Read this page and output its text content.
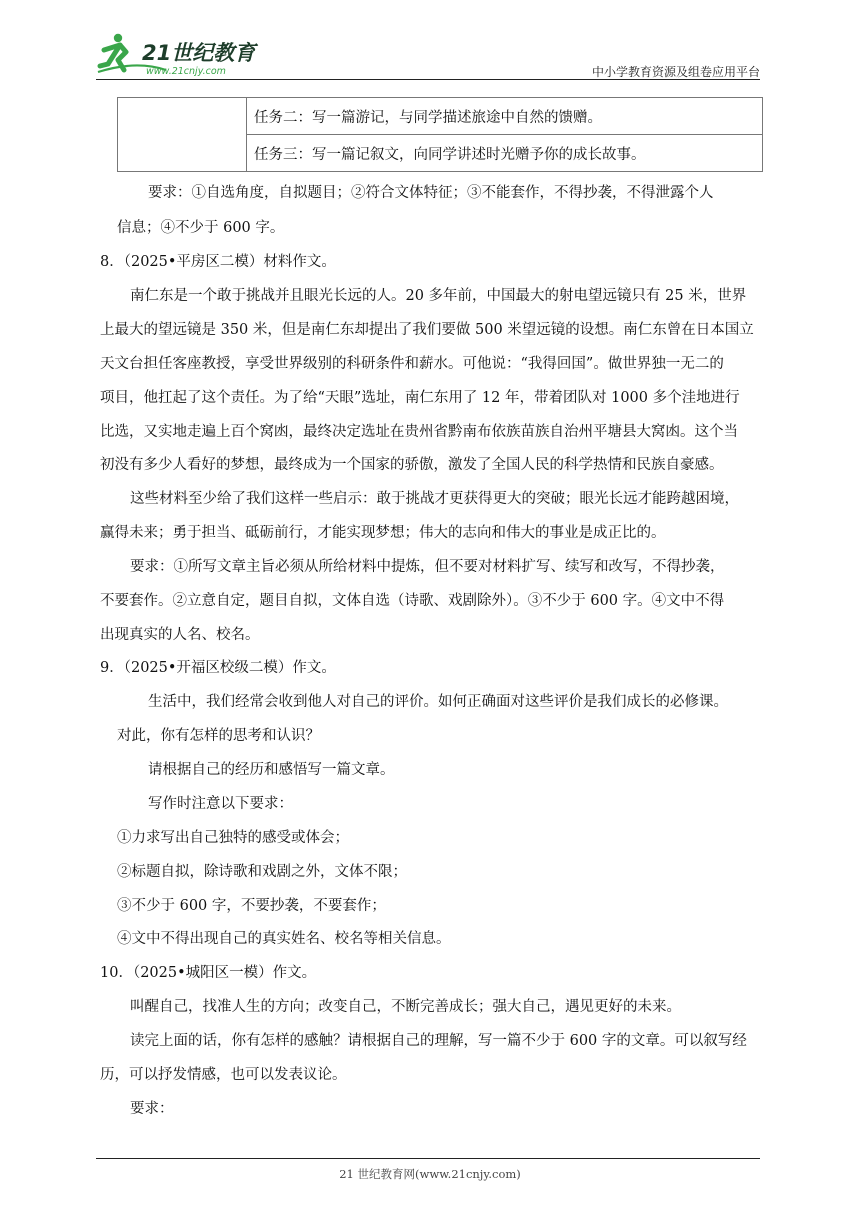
21世纪教育
www.21cnjy.com	中小学教育资源及组卷应用平台
	任务二：写一篇游记，与同学描述旅途中自然的馈赠。
任务三：写一篇记叙文，向同学讲述时光赠予你的成长故事。
要求：①自选角度，自拟题目；②符合文体特征；③不能套作，不得抄袭，不得泄露个人
信息；④不少于 600 字。
8．（2025•平房区二模）材料作文。
南仁东是一个敢于挑战并且眼光长远的人。20 多年前，中国最大的射电望远镜只有 25 米，世界
上最大的望远镜是 350 米，但是南仁东却提出了我们要做 500 米望远镜的设想。南仁东曾在日本国立
天文台担任客座教授，享受世界级别的科研条件和薪水。可他说：“我得回国”。做世界独一无二的
项目，他扛起了这个责任。为了给“天眼”选址，南仁东用了 12 年，带着团队对 1000 多个洼地进行
比选，又实地走遍上百个窝凼，最终决定选址在贵州省黔南布依族苗族自治州平塘县大窝凼。这个当
初没有多少人看好的梦想，最终成为一个国家的骄傲，激发了全国人民的科学热情和民族自豪感。
这些材料至少给了我们这样一些启示：敢于挑战才更获得更大的突破；眼光长远才能跨越困境，
赢得未来；勇于担当、砥砺前行，才能实现梦想；伟大的志向和伟大的事业是成正比的。
要求：①所写文章主旨必须从所给材料中提炼，但不要对材料扩写、续写和改写，不得抄袭，
不要套作。②立意自定，题目自拟，文体自选（诗歌、戏剧除外）。③不少于 600 字。④文中不得
出现真实的人名、校名。
9．（2025•开福区校级二模）作文。
生活中，我们经常会收到他人对自己的评价。如何正确面对这些评价是我们成长的必修课。
对此，你有怎样的思考和认识？
请根据自己的经历和感悟写一篇文章。
写作时注意以下要求：
①力求写出自己独特的感受或体会；
②标题自拟，除诗歌和戏剧之外，文体不限；
③不少于 600 字，不要抄袭，不要套作；
④文中不得出现自己的真实姓名、校名等相关信息。
10．（2025•城阳区一模）作文。
叫醒自己，找准人生的方向；改变自己，不断完善成长；强大自己，遇见更好的未来。
读完上面的话，你有怎样的感触？请根据自己的理解，写一篇不少于 600 字的文章。可以叙写经
历，可以抒发情感，也可以发表议论。
要求：
21 世纪教育网(www.21cnjy.com)
